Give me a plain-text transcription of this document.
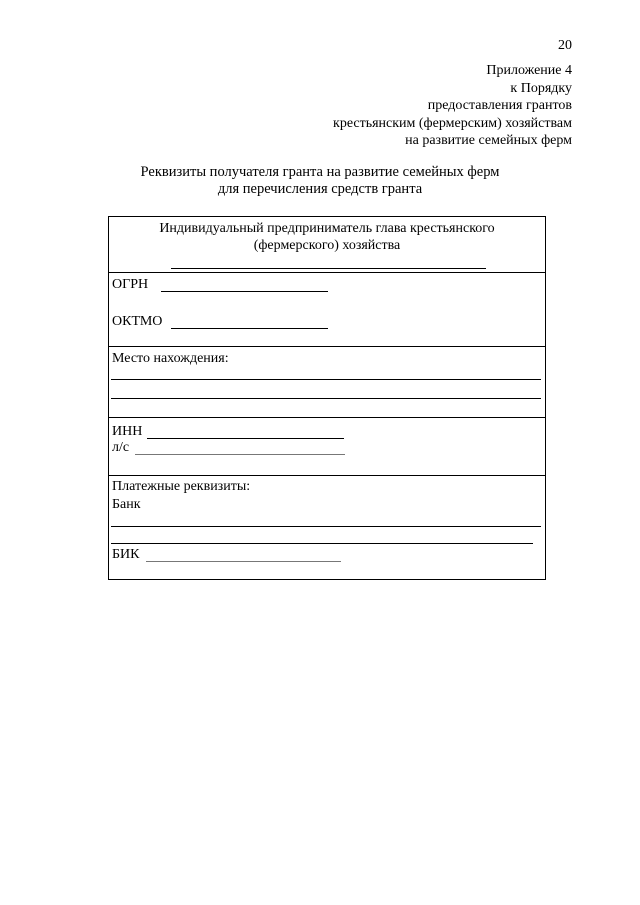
20
Приложение 4
к Порядку
предоставления грантов
крестьянским (фермерским) хозяйствам
на развитие семейных ферм
Реквизиты получателя гранта на развитие семейных ферм
для перечисления средств гранта
Индивидуальный предприниматель глава крестьянского
(фермерского) хозяйства
ОГРН
ОКТМО
Место нахождения:
ИНН
л/с
Платежные реквизиты:
Банк
БИК
